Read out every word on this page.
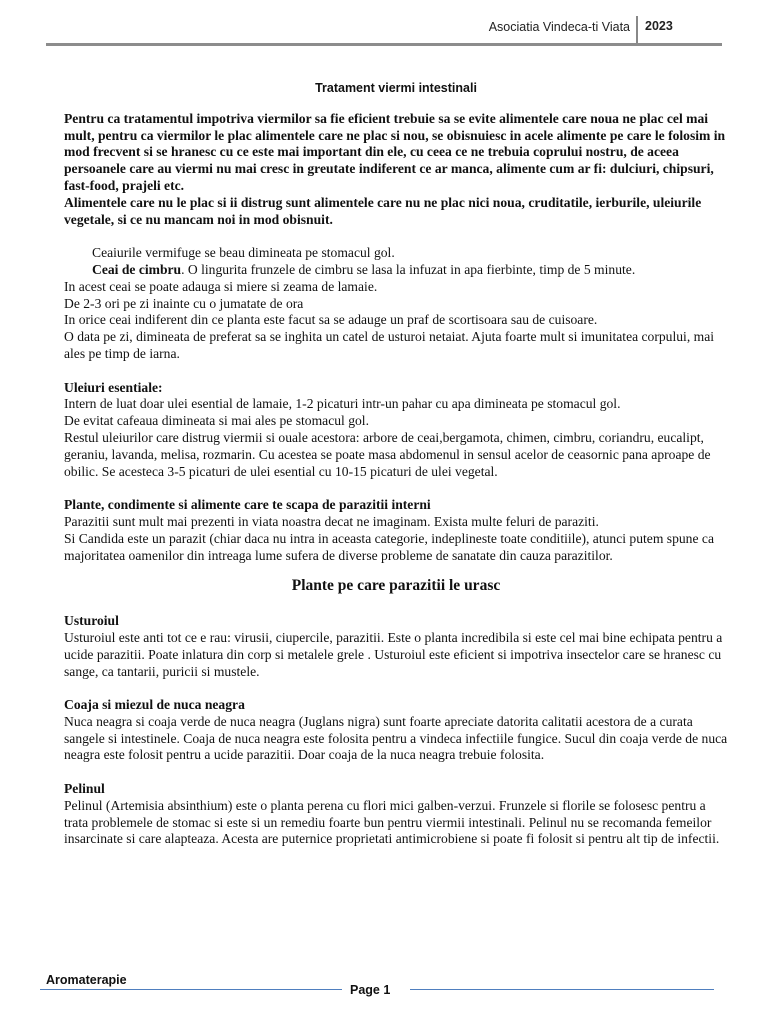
Asociatia Vindeca-ti Viata 2023
Tratament viermi intestinali

Pentru ca tratamentul impotriva viermilor sa fie eficient trebuie sa se evite alimentele care noua ne plac cel mai mult, pentru ca viermilor le plac alimentele care ne plac si nou, se obisnuiesc in acele alimente pe care le folosim in mod frecvent si se hranesc cu ce este mai important din ele, cu ceea ce ne trebuia coprului nostru, de aceea persoanele care au viermi nu mai cresc in greutate indiferent ce ar manca, alimente cum ar fi: dulciuri, chipsuri, fast-food, prajeli etc.

Alimentele care nu le plac si ii distrug sunt alimentele care nu ne plac nici noua, cruditatile, ierburile, uleiurile vegetale, si ce nu mancam noi in mod obisnuit.

Ceaiurile vermifuge se beau dimineata pe stomacul gol.

Ceai de cimbru. O lingurita frunzele de cimbru se lasa la infuzat in apa fierbinte, timp de 5 minute.

In acest ceai se poate adauga si miere si zeama de lamaie.

De 2-3 ori pe zi inainte cu o jumatate de ora

In orice ceai indiferent din ce planta este facut sa se adauge un praf de scortisoara sau de cuisoare.

O data pe zi, dimineata de preferat sa se inghita un catel de usturoi netaiat. Ajuta foarte mult si imunitatea corpului, mai ales pe timp de iarna.

Uleiuri esentiale:

Intern de luat doar ulei esential de lamaie, 1-2 picaturi intr-un pahar cu apa dimineata pe stomacul gol.

De evitat cafeaua dimineata si mai ales pe stomacul gol.

Restul uleiurilor care distrug viermii si ouale acestora: arbore de ceai,bergamota, chimen, cimbru, coriandru, eucalipt, geraniu, lavanda, melisa, rozmarin. Cu acestea se poate masa abdomenul in sensul acelor de ceasornic pana aproape de obilic. Se acesteca 3-5 picaturi de ulei esential cu 10-15 picaturi de ulei vegetal.

Plante, condimente si alimente care te scapa de parazitii interni

Parazitii sunt mult mai prezenti in viata noastra decat ne imaginam. Exista multe feluri de paraziti.

Si Candida este un parazit (chiar daca nu intra in aceasta categorie, indeplineste toate conditiile), atunci putem spune ca majoritatea oamenilor din intreaga lume sufera de diverse probleme de sanatate din cauza parazitilor.

Plante pe care parazitii le urasc

Usturoiul

Usturoiul este anti tot ce e rau: virusii, ciupercile, parazitii. Este o planta incredibila si este cel mai bine echipata pentru a ucide parazitii. Poate inlatura din corp si metalele grele . Usturoiul este eficient si impotriva insectelor care se hranesc cu sange, ca tantarii, puricii si mustele.

Coaja si miezul de nuca neagra

Nuca neagra si coaja verde de nuca neagra (Juglans nigra) sunt foarte apreciate datorita calitatii acestora de a curata sangele si intestinele. Coaja de nuca neagra este folosita pentru a vindeca infectiile fungice. Sucul din coaja verde de nuca neagra este folosit pentru a ucide parazitii. Doar coaja de la nuca neagra trebuie folosita.

Pelinul

Pelinul (Artemisia absinthium) este o planta perena cu flori mici galben-verzui. Frunzele si florile se folosesc pentru a trata problemele de stomac si este si un remediu foarte bun pentru viermii intestinali. Pelinul nu se recomanda femeilor insarcinate si care alapteaza. Acesta are puternice proprietati antimicrobiene si poate fi folosit si pentru alt tip de infectii.

Aromaterapie
Page 1
